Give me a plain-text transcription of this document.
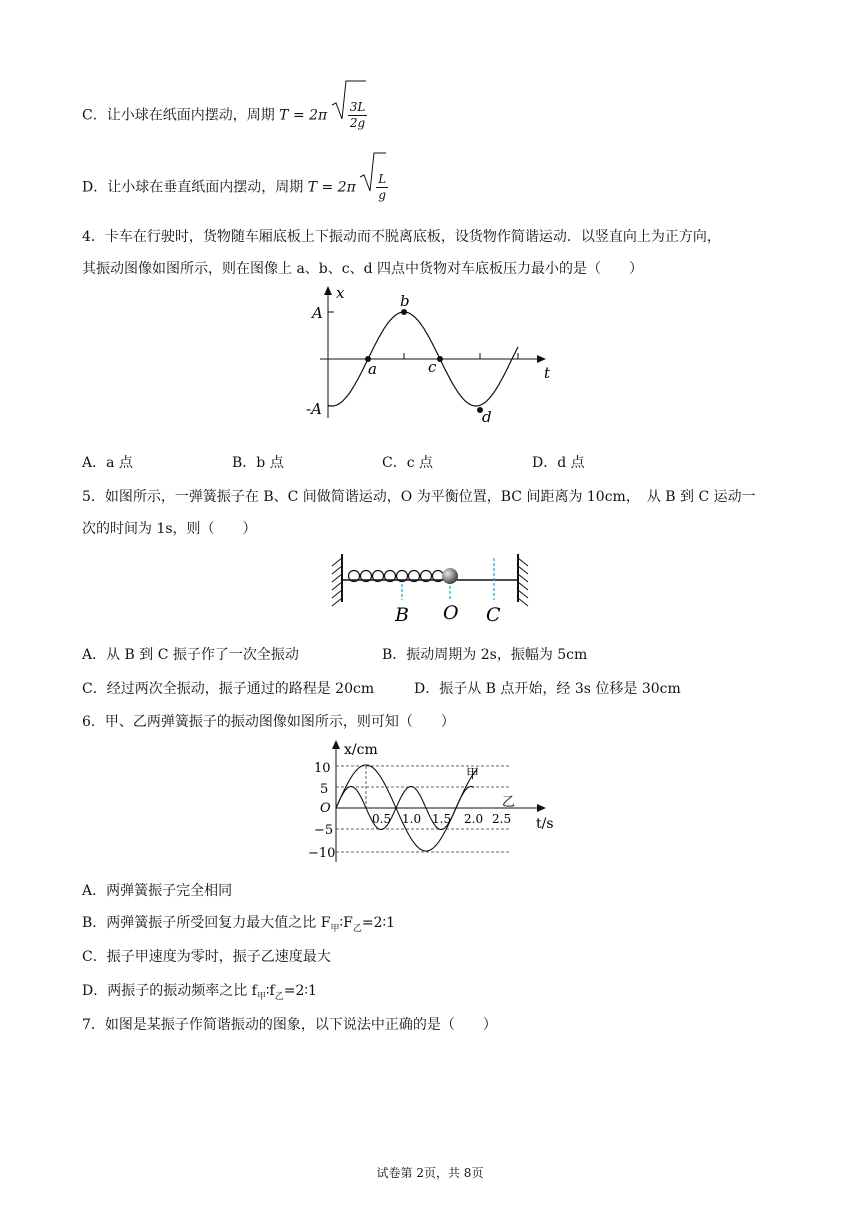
C．让小球在纸面内摆动，周期 $T = 2\pi \frac{3L}{2g}$
D．让小球在垂直纸面内摆动，周期 $T = 2\pi \frac{L}{g}$
4．卡车在行驶时，货物随车厢底板上下振动而不脱离底板，设货物作简谐运动．以竖直向上为正方向，
其振动图像如图所示，则在图像上 a、b、c、d 四点中货物对车底板压力最小的是（　　）
x
t
A
-A
a
b
c
d
A．a 点	B．b 点	C．c 点	D．d 点
5．如图所示，一弹簧振子在 B、C 间做简谐运动，O 为平衡位置，BC 间距离为 10cm，　从 B 到 C 运动一
次的时间为 1s，则（　　）
B O C
A．从 B 到 C 振子作了一次全振动	B．振动周期为 2s，振幅为 5cm
C．经过两次全振动，振子通过的路程是 20cm	D．振子从 B 点开始，经 3s 位移是 30cm
6．甲、乙两弹簧振子的振动图像如图所示，则可知（　　）
x/cm
t/s
O
10
5
−5
−10
0.5 1.0 1.5 2.0 2.5
甲
乙
A．两弹簧振子完全相同
B．两弹簧振子所受回复力最大值之比 $F_甲∶F_乙=2∶1$
C．振子甲速度为零时，振子乙速度最大
D．两振子的振动频率之比 $f_甲∶f_乙=2∶1$
7．如图是某振子作简谐振动的图象，以下说法中正确的是（　　）
试卷第 2页，共 8页
